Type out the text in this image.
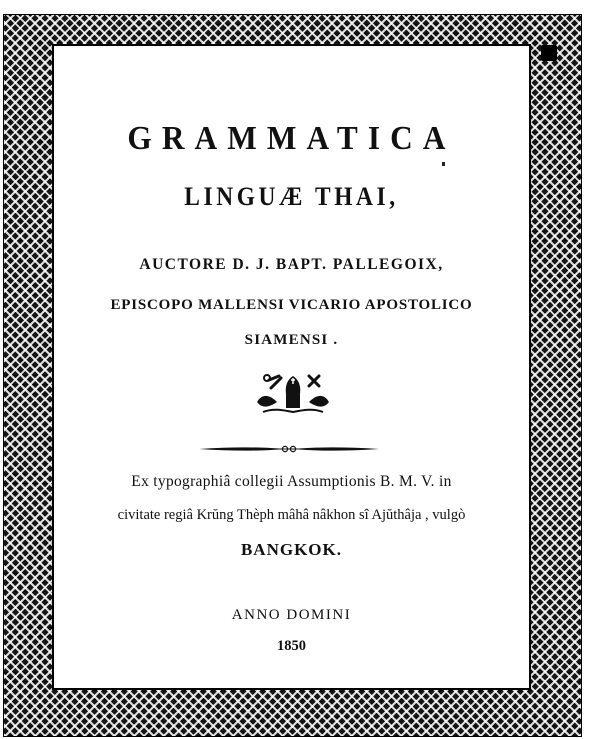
GRAMMATICA
LINGUÆ THAI,
AUCTORE D. J. BAPT. PALLEGOIX,
EPISCOPO MALLENSI VICARIO APOSTOLICO
SIAMENSI .
Ex typographiâ collegii Assumptionis B. M. V. in
civitate regiâ Krŭng Thèph mâhâ nâkhon sî Ajŭthâja , vulgò
BANGKOK.
ANNO DOMINI
1850
